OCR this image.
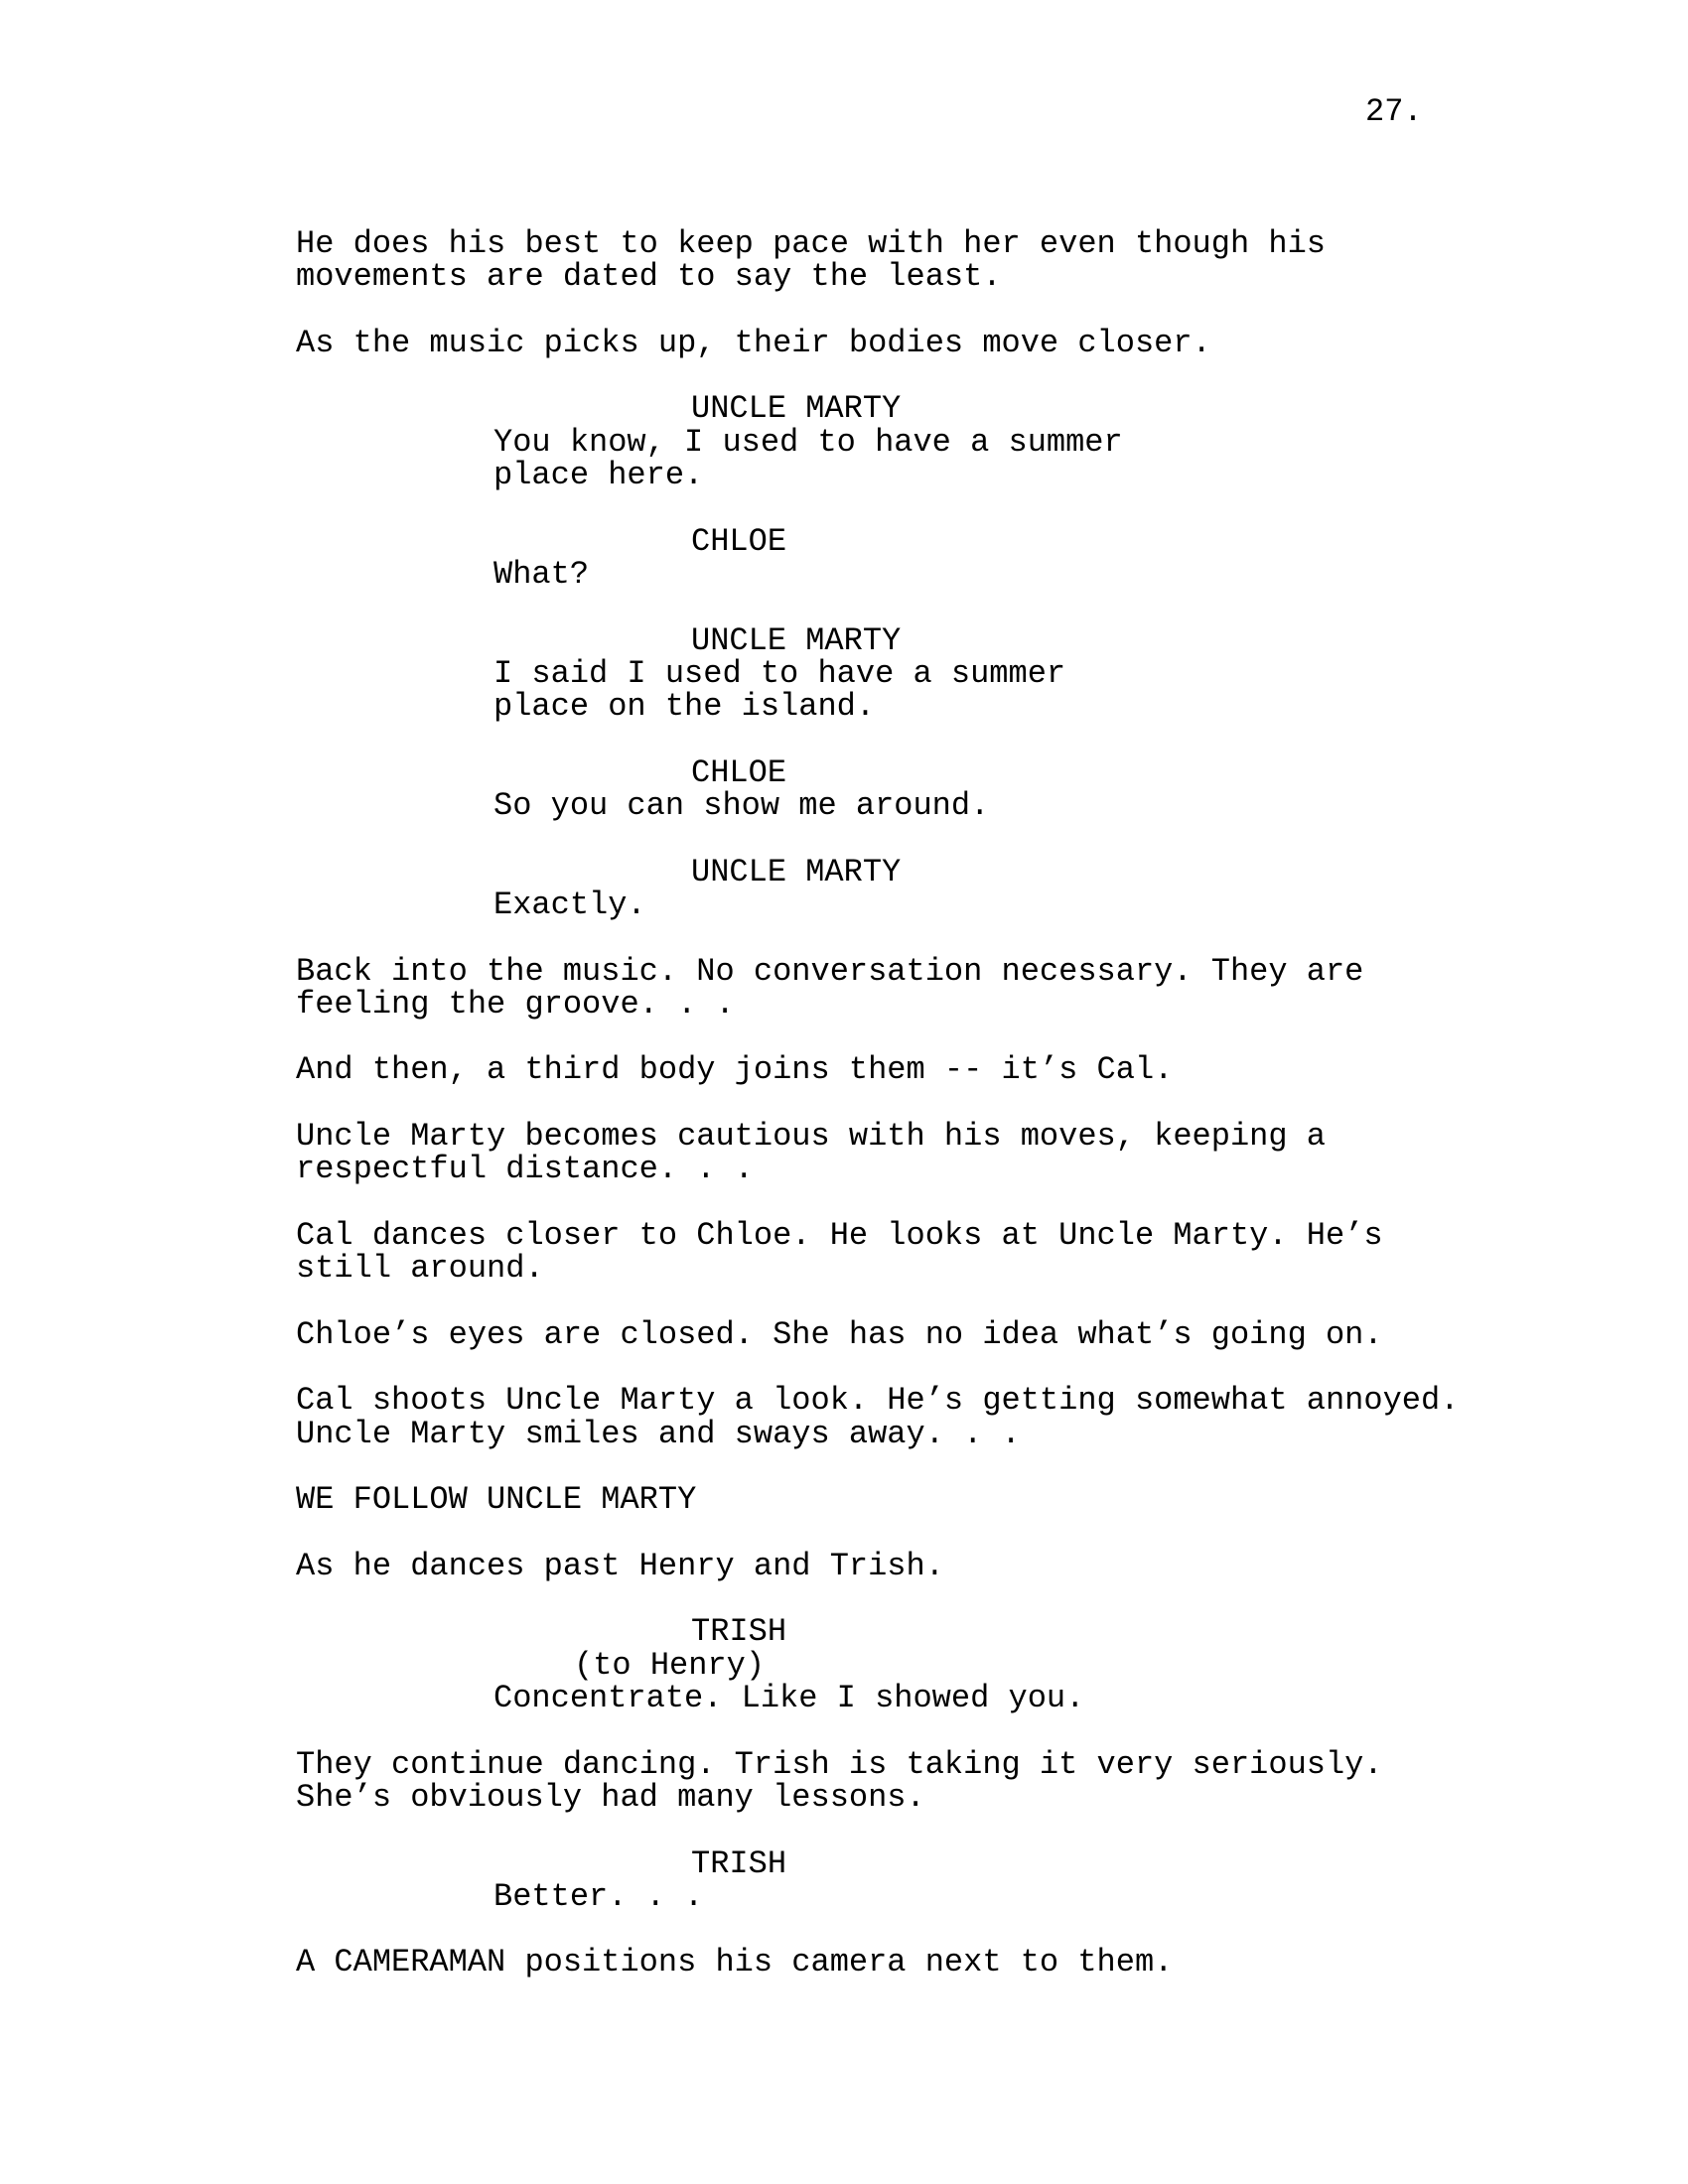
27.
He does his best to keep pace with her even though his
movements are dated to say the least.
As the music picks up, their bodies move closer.
UNCLE MARTY
You know, I used to have a summer
place here.
CHLOE
What?
UNCLE MARTY
I said I used to have a summer
place on the island.
CHLOE
So you can show me around.
UNCLE MARTY
Exactly.
Back into the music. No conversation necessary. They are
feeling the groove. . .
And then, a third body joins them -- it’s Cal.
Uncle Marty becomes cautious with his moves, keeping a
respectful distance. . .
Cal dances closer to Chloe. He looks at Uncle Marty. He’s
still around.
Chloe’s eyes are closed. She has no idea what’s going on.
Cal shoots Uncle Marty a look. He’s getting somewhat annoyed.
Uncle Marty smiles and sways away. . .
WE FOLLOW UNCLE MARTY
As he dances past Henry and Trish.
TRISH
(to Henry)
Concentrate. Like I showed you.
They continue dancing. Trish is taking it very seriously.
She’s obviously had many lessons.
TRISH
Better. . .
A CAMERAMAN positions his camera next to them.
